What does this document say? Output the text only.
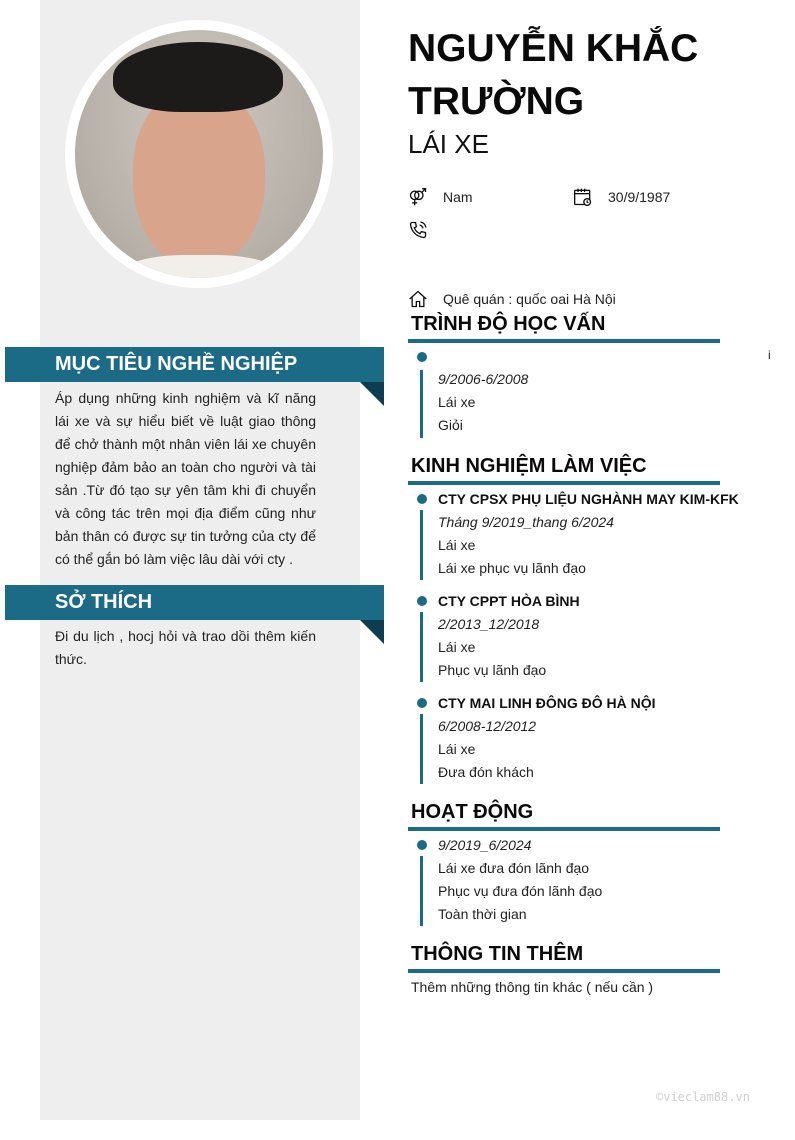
MỤC TIÊU NGHỀ NGHIỆP
Áp dụng những kinh nghiệm và kĩ năng lái xe và sự hiểu biết về luật giao thông để chở thành một nhân viên lái xe chuyên nghiệp đảm bảo an toàn cho người và tài sản .Từ đó tạo sự yên tâm khi đi chuyển và công tác trên mọi địa điểm cũng như bản thân có được sự tin tưởng của cty để có thể gắn bó làm việc lâu dài với cty .
SỞ THÍCH
Đi du lịch , hocj hỏi và trao dồi thêm kiến thức.
NGUYỄN KHẮC TRƯỜNG
LÁI XE
Nam	30/9/1987
Quê quán : quốc oai Hà Nội
TRÌNH ĐỘ HỌC VẤN
9/2006-6/2008
Lái xe
Giỏi
i
KINH NGHIỆM LÀM VIỆC
CTY CPSX PHỤ LIỆU NGHÀNH MAY KIM-KFK
Tháng 9/2019_thang 6/2024
Lái xe
Lái xe phục vụ lãnh đạo
CTY CPPT HÒA BÌNH
2/2013_12/2018
Lái xe
Phục vụ lãnh đạo
CTY MAI LINH ĐÔNG ĐÔ HÀ NỘI
6/2008-12/2012
Lái xe
Đưa đón khách
HOẠT ĐỘNG
9/2019_6/2024
Lái xe đưa đón lãnh đạo
Phục vụ đưa đón lãnh đạo
Toàn thời gian
THÔNG TIN THÊM
Thêm những thông tin khác ( nếu cần )
©vieclam88.vn
